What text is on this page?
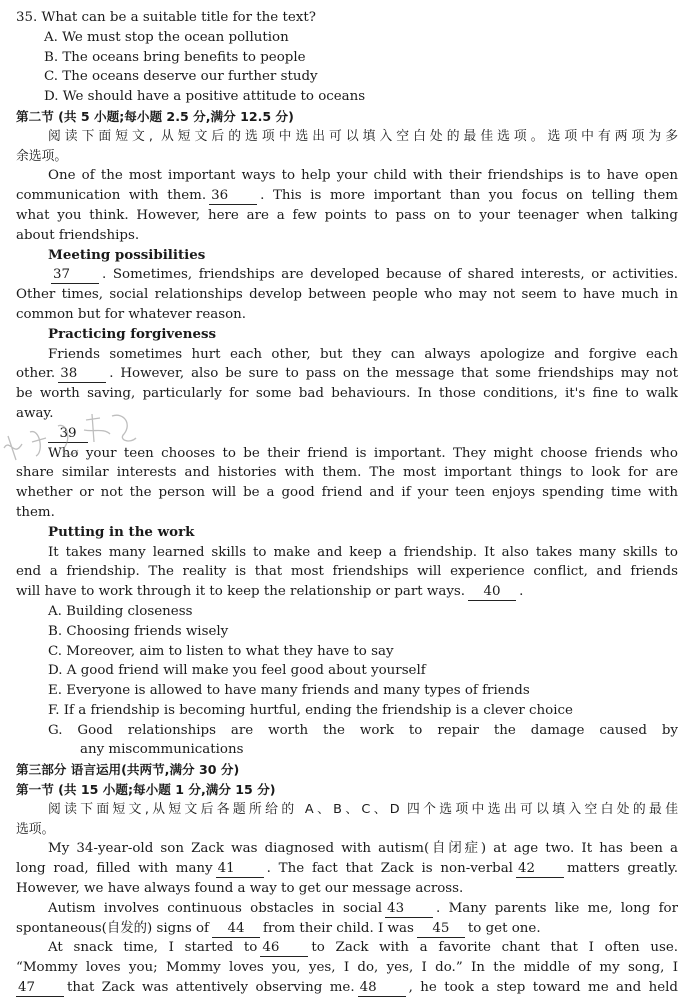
35. What can be a suitable title for the text?
A. We must stop the ocean pollution
B. The oceans bring benefits to people
C. The oceans deserve our further study
D. We should have a positive attitude to oceans
第二节 (共 5 小题;每小题 2.5 分,满分 12.5 分)
阅读下面短文, 从短文后的选项中选出可以填入空白处的最佳选项。选项中有两项为多
余选项。
One of the most important ways to help your child with their friendships is to have open
communication with them. 36 . This is more important than you focus on telling them
what you think. However, here are a few points to pass on to your teenager when talking
about friendships.
Meeting possibilities
37 . Sometimes, friendships are developed because of shared interests, or activities.
Other times, social relationships develop between people who may not seem to have much in
common but for whatever reason.
Practicing forgiveness
Friends sometimes hurt each other, but they can always apologize and forgive each
other. 38 . However, also be sure to pass on the message that some friendships may not
be worth saving, particularly for some bad behaviours. In those conditions, it's fine to walk
away.
39
Who your teen chooses to be their friend is important. They might choose friends who
share similar interests and histories with them. The most important things to look for are
whether or not the person will be a good friend and if your teen enjoys spending time with
them.
Putting in the work
It takes many learned skills to make and keep a friendship. It also takes many skills to
end a friendship. The reality is that most friendships will experience conflict, and friends
will have to work through it to keep the relationship or part ways. 40 .
A. Building closeness
B. Choosing friends wisely
C. Moreover, aim to listen to what they have to say
D. A good friend will make you feel good about yourself
E. Everyone is allowed to have many friends and many types of friends
F. If a friendship is becoming hurtful, ending the friendship is a clever choice
G. Good relationships are worth the work to repair the damage caused by
any miscommunications
第三部分 语言运用(共两节,满分 30 分)
第一节 (共 15 小题;每小题 1 分,满分 15 分)
阅读下面短文,从短文后各题所给的 A、B、C、D 四个选项中选出可以填入空白处的最佳
选项。
My 34-year-old son Zack was diagnosed with autism(自闭症) at age two. It has been a
long road, filled with many 41 . The fact that Zack is non-verbal 42 matters greatly.
However, we have always found a way to get our message across.
Autism involves continuous obstacles in social 43 . Many parents like me, long for
spontaneous(自发的) signs of 44 from their child. I was 45 to get one.
At snack time, I started to 46 to Zack with a favorite chant that I often use.
“Mommy loves you; Mommy loves you, yes, I do, yes, I do.” In the middle of my song, I
47 that Zack was attentively observing me. 48 , he took a step toward me and held
